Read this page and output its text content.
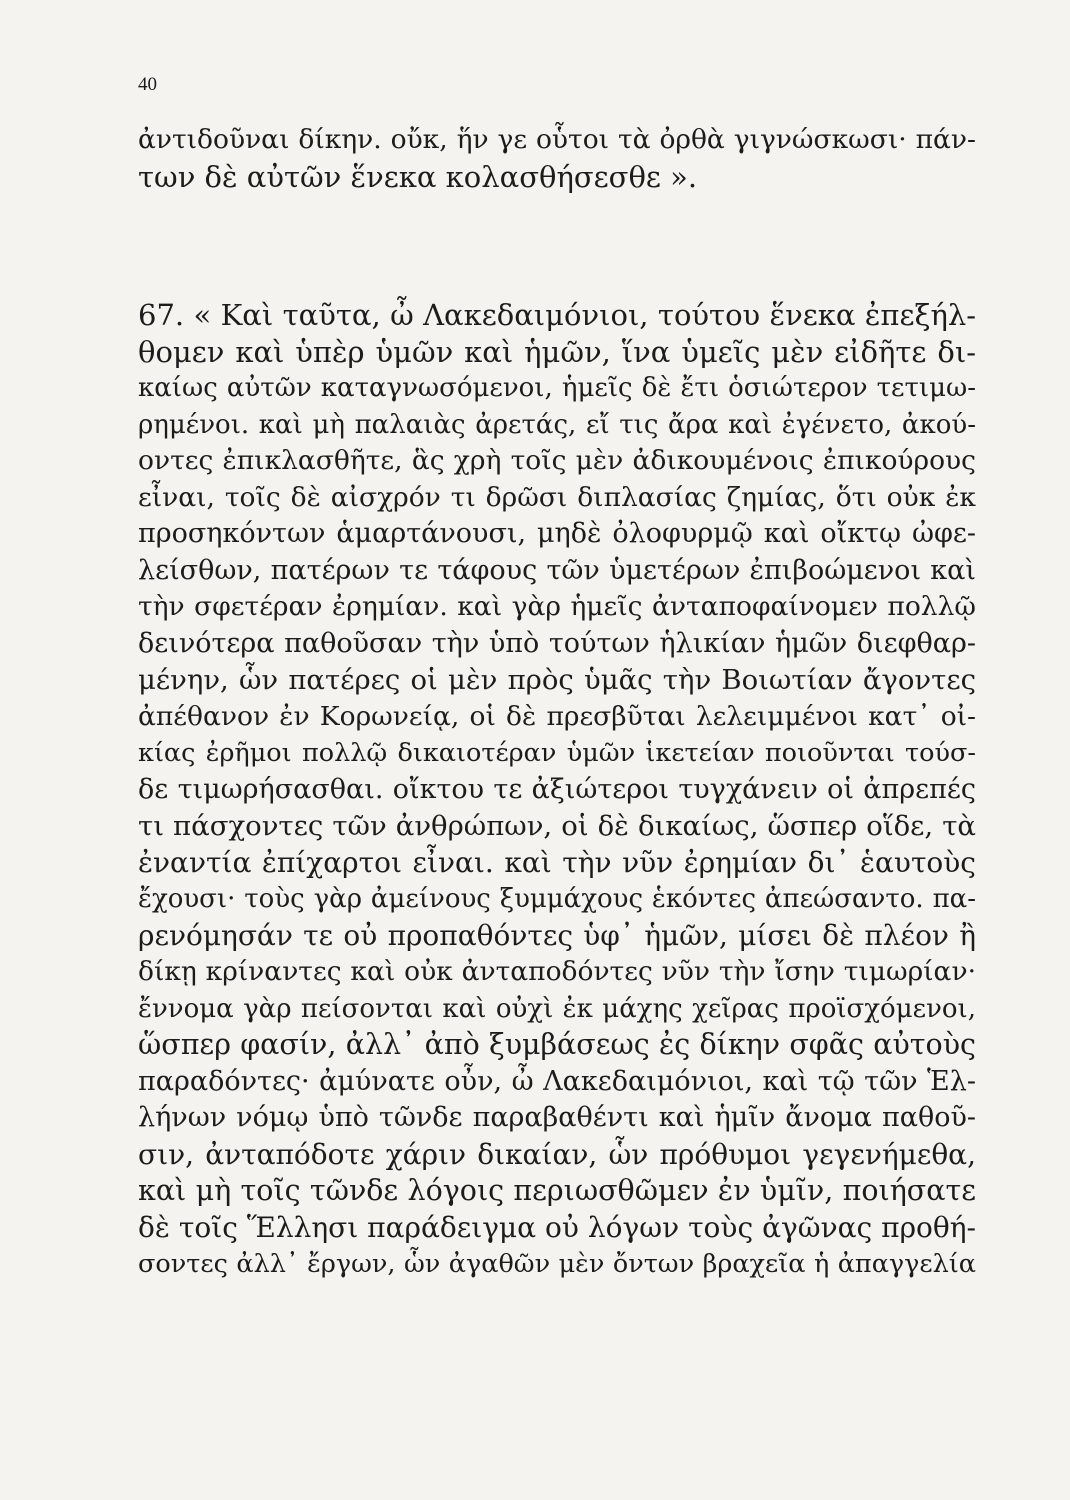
40
ἀντιδοῦναι δίκην. οὔκ, ἥν γε οὗτοι τὰ ὀρθὰ γιγνώσκωσι· πάν-
των δὲ αὐτῶν ἕνεκα κολασθήσεσθε ».
67. « Καὶ ταῦτα, ὦ Λακεδαιμόνιοι, τούτου ἕνεκα ἐπεξήλ-
θομεν καὶ ὑπὲρ ὑμῶν καὶ ἡμῶν, ἵνα ὑμεῖς μὲν εἰδῆτε δι-
καίως αὐτῶν καταγνωσόμενοι, ἡμεῖς δὲ ἔτι ὁσιώτερον τετιμω-
ρημένοι. καὶ μὴ παλαιὰς ἀρετάς, εἴ τις ἄρα καὶ ἐγένετο, ἀκού-
οντες ἐπικλασθῆτε, ἃς χρὴ τοῖς μὲν ἀδικουμένοις ἐπικούρους
εἶναι, τοῖς δὲ αἰσχρόν τι δρῶσι διπλασίας ζημίας, ὅτι οὐκ ἐκ
προσηκόντων ἁμαρτάνουσι, μηδὲ ὀλοφυρμῷ καὶ οἴκτῳ ὠφε-
λείσθων, πατέρων τε τάφους τῶν ὑμετέρων ἐπιβοώμενοι καὶ
τὴν σφετέραν ἐρημίαν. καὶ γὰρ ἡμεῖς ἀνταποφαίνομεν πολλῷ
δεινότερα παθοῦσαν τὴν ὑπὸ τούτων ἡλικίαν ἡμῶν διεφθαρ-
μένην, ὧν πατέρες οἱ μὲν πρὸς ὑμᾶς τὴν Βοιωτίαν ἄγοντες
ἀπέθανον ἐν Κορωνείᾳ, οἱ δὲ πρεσβῦται λελειμμένοι κατ᾽ οἰ-
κίας ἐρῆμοι πολλῷ δικαιοτέραν ὑμῶν ἱκετείαν ποιοῦνται τούσ-
δε τιμωρήσασθαι. οἴκτου τε ἀξιώτεροι τυγχάνειν οἱ ἀπρεπές
τι πάσχοντες τῶν ἀνθρώπων, οἱ δὲ δικαίως, ὥσπερ οἵδε, τὰ
ἐναντία ἐπίχαρτοι εἶναι. καὶ τὴν νῦν ἐρημίαν δι᾽ ἑαυτοὺς
ἔχουσι· τοὺς γὰρ ἀμείνους ξυμμάχους ἑκόντες ἀπεώσαντο. πα-
ρενόμησάν τε οὐ προπαθόντες ὑφ᾽ ἡμῶν, μίσει δὲ πλέον ἢ
δίκῃ κρίναντες καὶ οὐκ ἀνταποδόντες νῦν τὴν ἴσην τιμωρίαν·
ἔννομα γὰρ πείσονται καὶ οὐχὶ ἐκ μάχης χεῖρας προϊσχόμενοι,
ὥσπερ φασίν, ἀλλ᾽ ἀπὸ ξυμβάσεως ἐς δίκην σφᾶς αὐτοὺς
παραδόντες· ἀμύνατε οὖν, ὦ Λακεδαιμόνιοι, καὶ τῷ τῶν Ἑλ-
λήνων νόμῳ ὑπὸ τῶνδε παραβαθέντι καὶ ἡμῖν ἄνομα παθοῦ-
σιν, ἀνταπόδοτε χάριν δικαίαν, ὧν πρόθυμοι γεγενήμεθα,
καὶ μὴ τοῖς τῶνδε λόγοις περιωσθῶμεν ἐν ὑμῖν, ποιήσατε
δὲ τοῖς Ἕλλησι παράδειγμα οὐ λόγων τοὺς ἀγῶνας προθή-
σοντες ἀλλ᾽ ἔργων, ὧν ἀγαθῶν μὲν ὄντων βραχεῖα ἡ ἀπαγγελία
